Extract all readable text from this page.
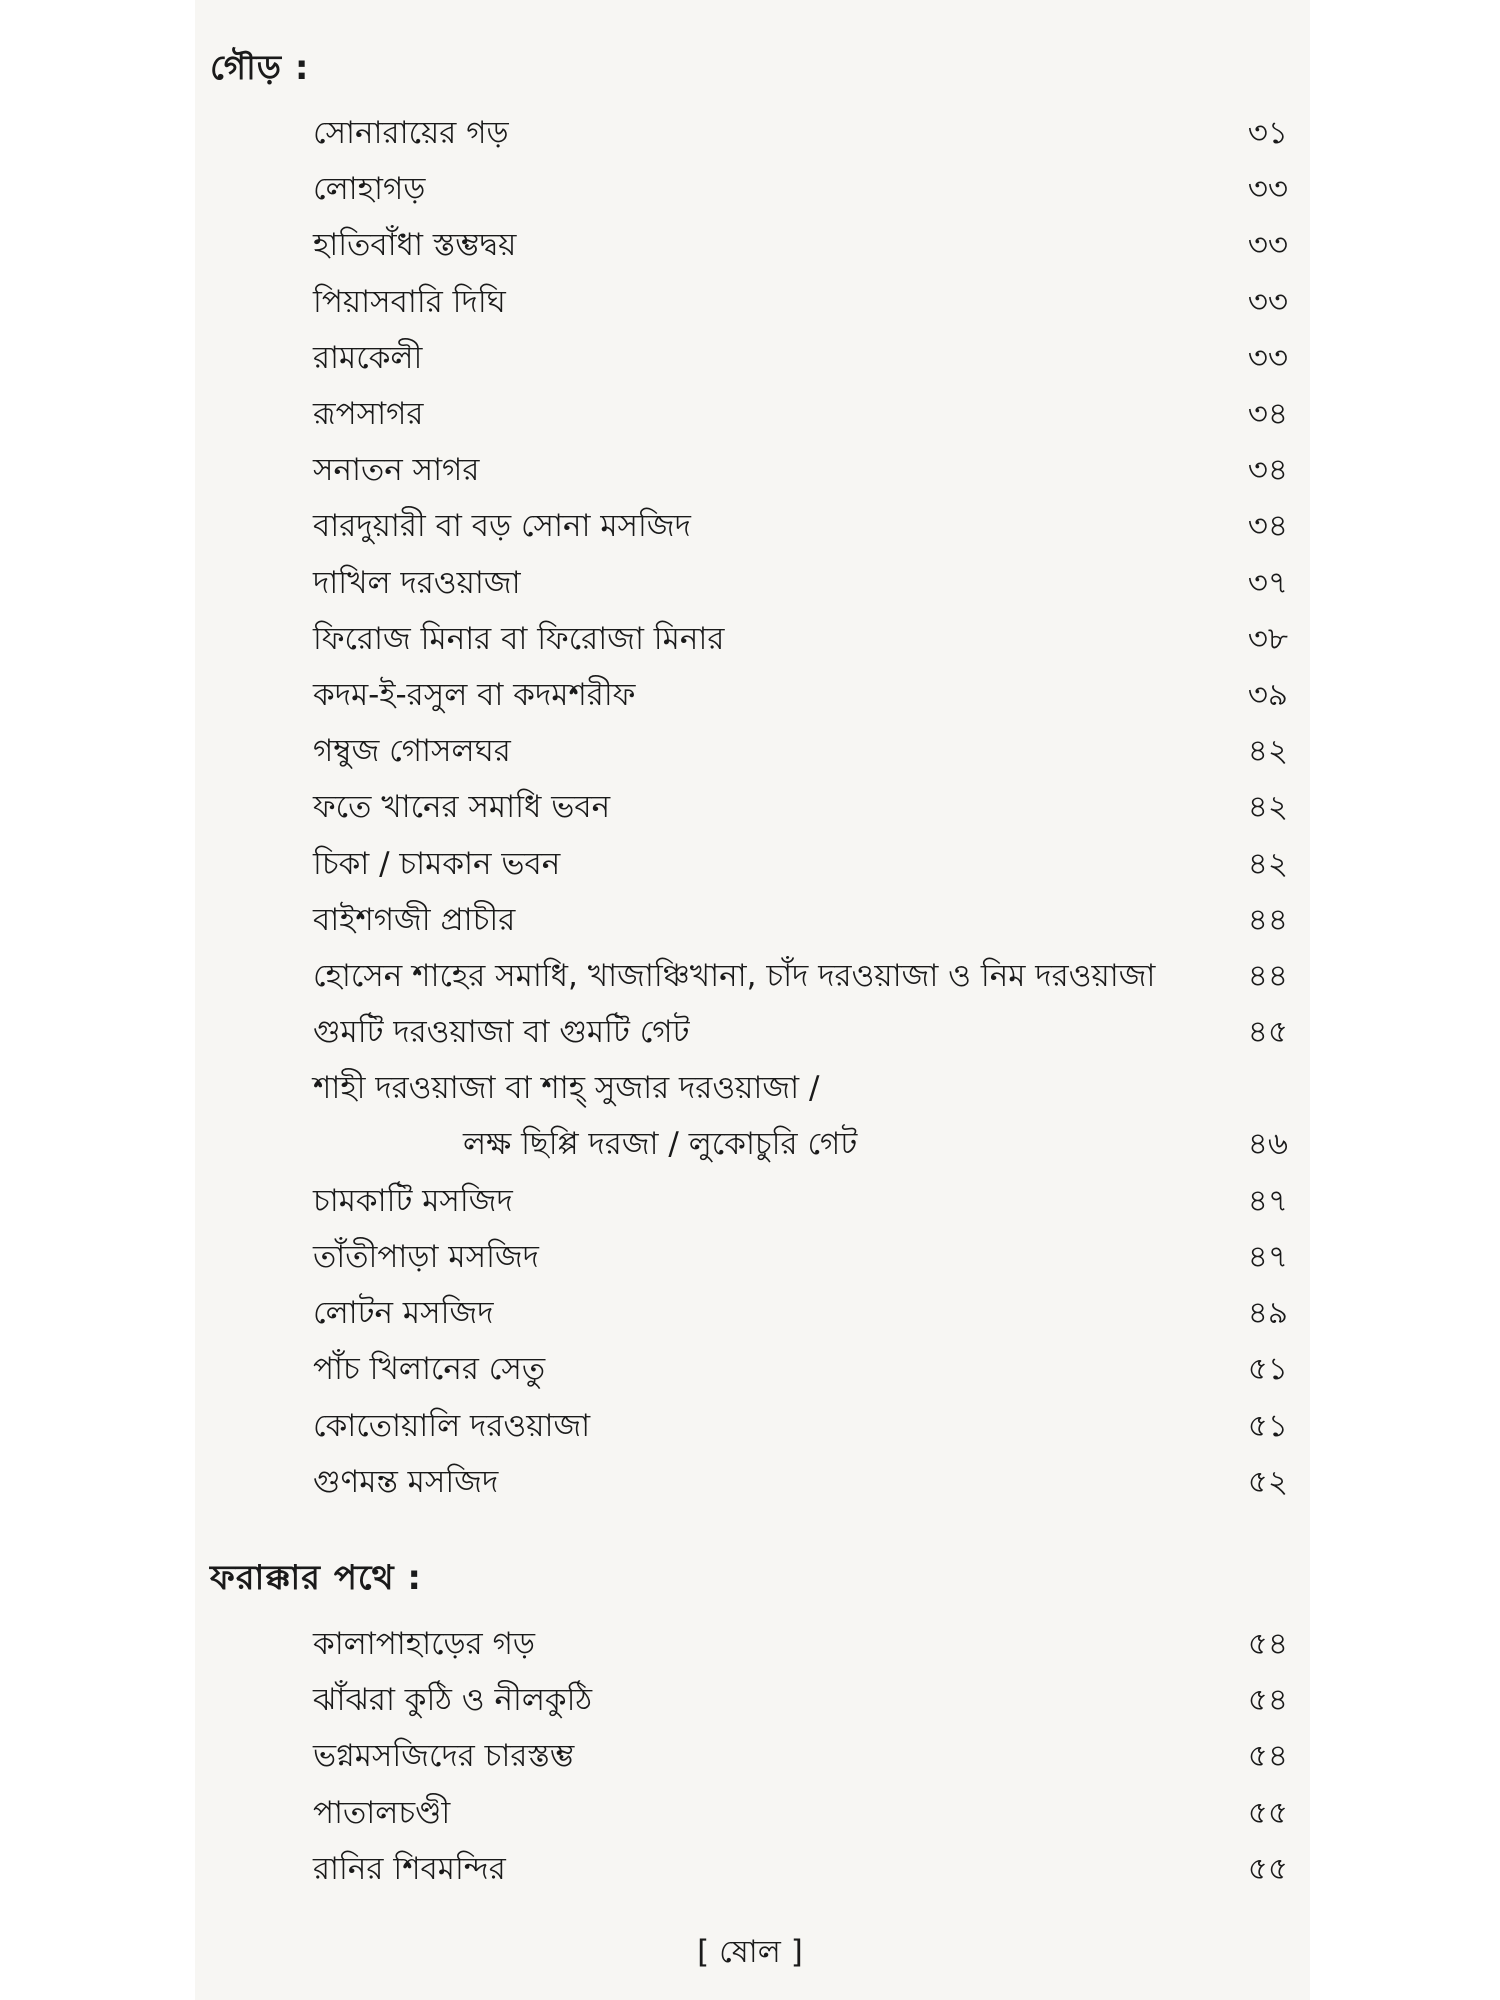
গৌড় :
ফরাক্কার পথে :
সোনারায়ের গড়	৩১
লোহাগড়	৩৩
হাতিবাঁধা স্তম্ভদ্বয়	৩৩
পিয়াসবারি দিঘি	৩৩
রামকেলী	৩৩
রূপসাগর	৩৪
সনাতন সাগর	৩৪
বারদুয়ারী বা বড় সোনা মসজিদ	৩৪
দাখিল দরওয়াজা	৩৭
ফিরোজ মিনার বা ফিরোজা মিনার	৩৮
কদম-ই-রসুল বা কদমশরীফ	৩৯
গম্বুজ গোসলঘর	৪২
ফতে খানের সমাধি ভবন	৪২
চিকা / চামকান ভবন	৪২
বাইশগজী প্রাচীর	৪৪
হোসেন শাহের সমাধি, খাজাঞ্চিখানা, চাঁদ দরওয়াজা ও নিম দরওয়াজা	৪৪
গুমটি দরওয়াজা বা গুমটি গেট	৪৫
শাহী দরওয়াজা বা শাহ্ সুজার দরওয়াজা /
লক্ষ ছিপ্পি দরজা / লুকোচুরি গেট	৪৬
চামকাটি মসজিদ	৪৭
তাঁতীপাড়া মসজিদ	৪৭
লোটন মসজিদ	৪৯
পাঁচ খিলানের সেতু	৫১
কোতোয়ালি দরওয়াজা	৫১
গুণমন্ত মসজিদ	৫২
কালাপাহাড়ের গড়	৫৪
ঝাঁঝরা কুঠি ও নীলকুঠি	৫৪
ভগ্নমসজিদের চারস্তম্ভ	৫৪
পাতালচণ্ডী	৫৫
রানির শিবমন্দির	৫৫
[ ষোল ]
